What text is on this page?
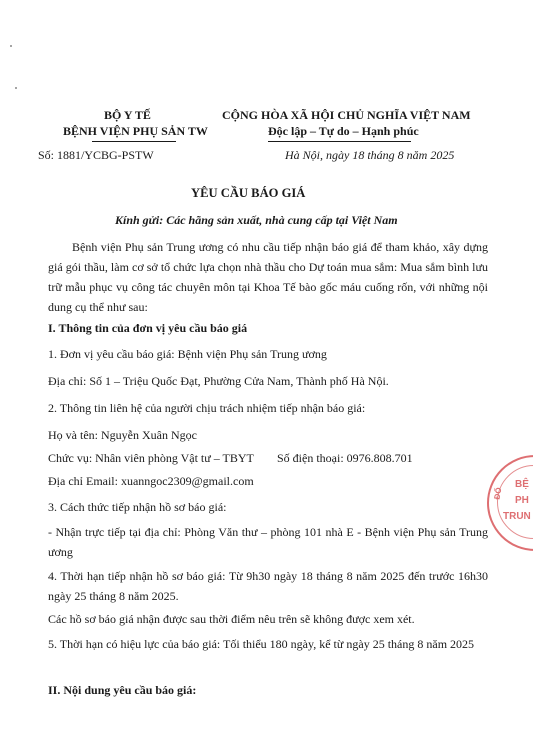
BỘ Y TẾ
BỆNH VIỆN PHỤ SẢN TW
CỘNG HÒA XÃ HỘI CHỦ NGHĨA VIỆT NAM
Độc lập – Tự do – Hạnh phúc
Số: 1881/YCBG-PSTW	Hà Nội, ngày 18 tháng 8 năm 2025
YÊU CẦU BÁO GIÁ
Kính gửi: Các hãng sản xuất, nhà cung cấp tại Việt Nam
Bệnh viện Phụ sản Trung ương có nhu cầu tiếp nhận báo giá để tham khảo, xây dựng giá gói thầu, làm cơ sở tổ chức lựa chọn nhà thầu cho Dự toán mua sắm: Mua sắm bình lưu trữ mẫu phục vụ công tác chuyên môn tại Khoa Tế bào gốc máu cuống rốn, với những nội dung cụ thể như sau:
I. Thông tin của đơn vị yêu cầu báo giá
1. Đơn vị yêu cầu báo giá: Bệnh viện Phụ sản Trung ương
Địa chỉ: Số 1 – Triệu Quốc Đạt, Phường Cửa Nam, Thành phố Hà Nội.
2. Thông tin liên hệ của người chịu trách nhiệm tiếp nhận báo giá:
Họ và tên: Nguyễn Xuân Ngọc
Chức vụ: Nhân viên phòng Vật tư – TBYT Số điện thoại: 0976.808.701
Địa chỉ Email: xuanngoc2309@gmail.com
3. Cách thức tiếp nhận hồ sơ báo giá:
- Nhận trực tiếp tại địa chỉ: Phòng Văn thư – phòng 101 nhà E - Bệnh viện Phụ sản Trung ương
4. Thời hạn tiếp nhận hồ sơ báo giá: Từ 9h30 ngày 18 tháng 8 năm 2025 đến trước 16h30 ngày 25 tháng 8 năm 2025.
Các hồ sơ báo giá nhận được sau thời điểm nêu trên sẽ không được xem xét.
5. Thời hạn có hiệu lực của báo giá: Tối thiểu 180 ngày, kể từ ngày 25 tháng 8 năm 2025
II. Nội dung yêu cầu báo giá:
BỆ
PH
TRUN
ĐỐ
